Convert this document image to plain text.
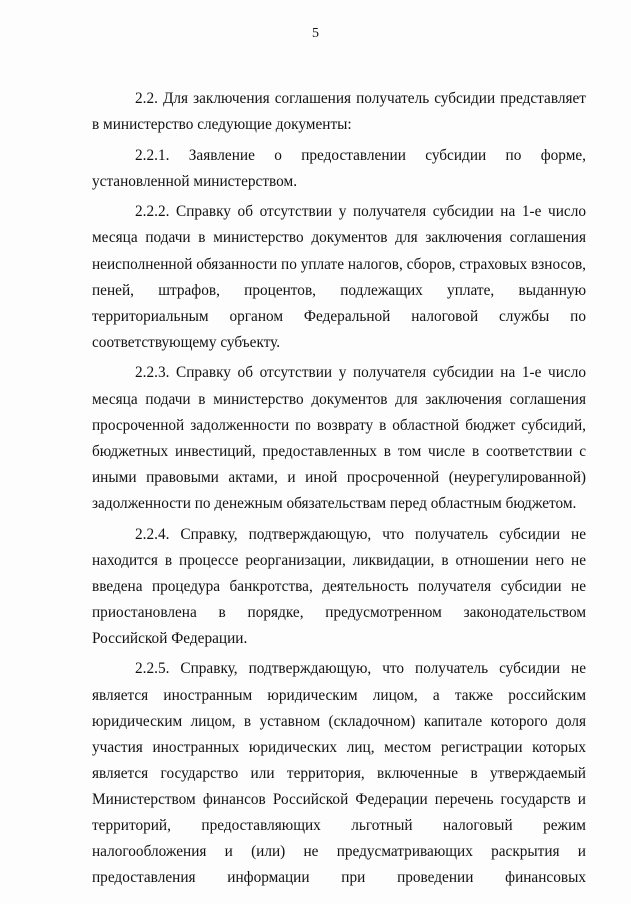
5

2.2. Для заключения соглашения получатель субсидии представляет в министерство следующие документы:

2.2.1. Заявление о предоставлении субсидии по форме, установленной министерством.

2.2.2. Справку об отсутствии у получателя субсидии на 1-е число месяца подачи в министерство документов для заключения соглашения неисполненной обязанности по уплате налогов, сборов, страховых взносов, пеней, штрафов, процентов, подлежащих уплате, выданную территориальным органом Федеральной налоговой службы по соответствующему субъекту.

2.2.3. Справку об отсутствии у получателя субсидии на 1-е число месяца подачи в министерство документов для заключения соглашения просроченной задолженности по возврату в областной бюджет субсидий, бюджетных инвестиций, предоставленных в том числе в соответствии с иными правовыми актами, и иной просроченной (неурегулированной) задолженности по денежным обязательствам перед областным бюджетом.

2.2.4. Справку, подтверждающую, что получатель субсидии не находится в процессе реорганизации, ликвидации, в отношении него не введена процедура банкротства, деятельность получателя субсидии не приостановлена в порядке, предусмотренном законодательством Российской Федерации.

2.2.5. Справку, подтверждающую, что получатель субсидии не является иностранным юридическим лицом, а также российским юридическим лицом, в уставном (складочном) капитале которого доля участия иностранных юридических лиц, местом регистрации которых является государство или территория, включенные в утверждаемый Министерством финансов Российской Федерации перечень государств и территорий, предоставляющих льготный налоговый режим налогообложения и (или) не предусматривающих раскрытия и предоставления информации при проведении финансовых
